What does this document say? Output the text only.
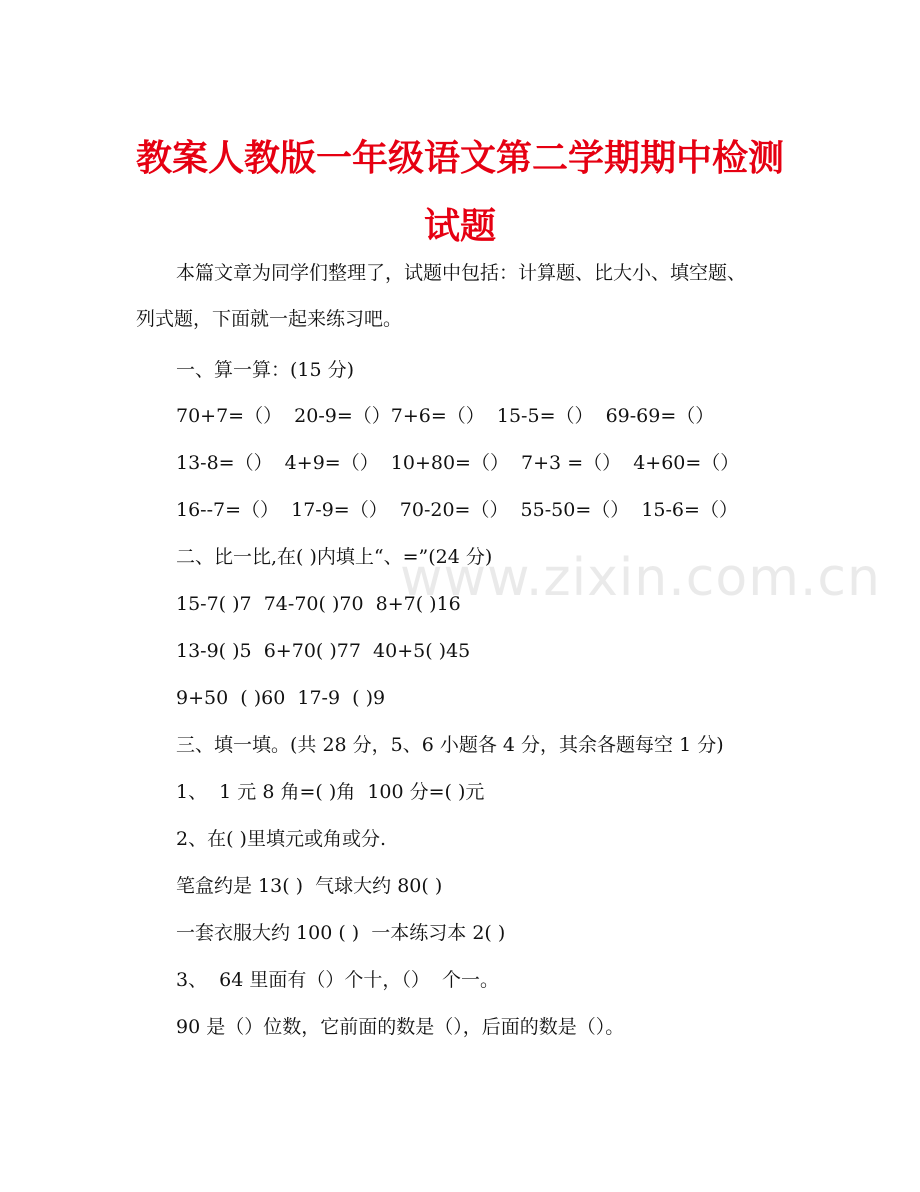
教案人教版一年级语文第二学期期中检测
试题
本篇文章为同学们整理了，试题中包括：计算题、比大小、填空题、
列式题，下面就一起来练习吧。
一、算一算：(15 分)
70+7=（）  20-9=（）7+6=（）  15-5=（）  69-69=（）
13-8=（）  4+9=（）  10+80=（）  7+3 =（）  4+60=（）
16--7=（）  17-9=（）  70-20=（）  55-50=（）  15-6=（）
二、比一比,在( )内填上“、=”(24 分)
15-7( )7  74-70( )70  8+7( )16
13-9( )5  6+70( )77  40+5( )45
9+50  ( )60  17-9  ( )9
三、填一填。(共 28 分，5、6 小题各 4 分，其余各题每空 1 分)
1、  1 元 8 角=( )角  100 分=( )元
2、在( )里填元或角或分.
笔盒约是 13( )  气球大约 80( )
一套衣服大约 100 ( )  一本练习本 2( )
3、  64 里面有（）个十，（）  个一。
90 是（）位数，它前面的数是（），后面的数是（）。
www.zixin.com.cn
